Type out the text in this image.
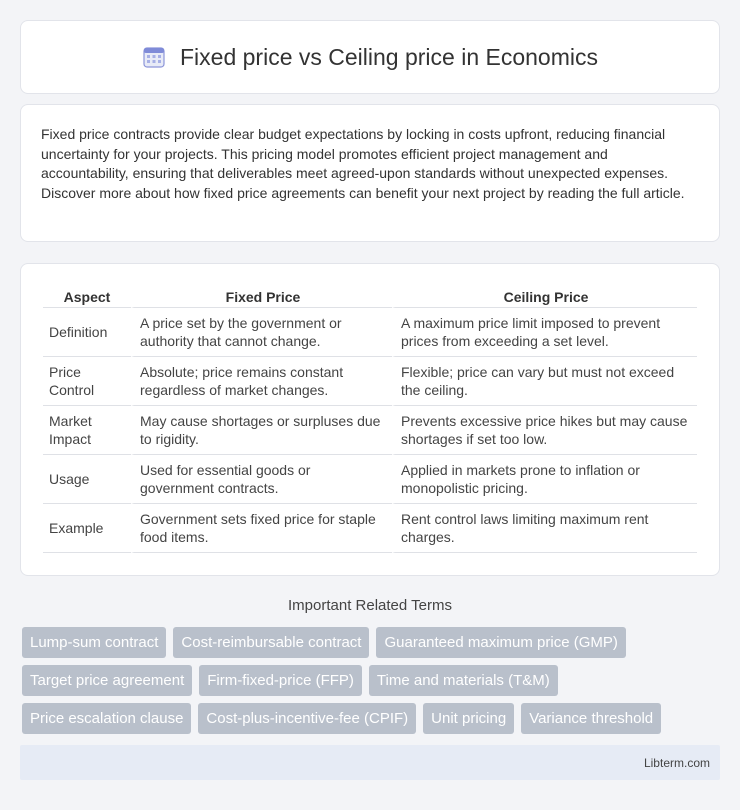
Fixed price vs Ceiling price in Economics

Fixed price contracts provide clear budget expectations by locking in costs upfront, reducing financial uncertainty for your projects. This pricing model promotes efficient project management and accountability, ensuring that deliverables meet agreed-upon standards without unexpected expenses. Discover more about how fixed price agreements can benefit your next project by reading the full article.

Aspect	Fixed Price	Ceiling Price
Definition	A price set by the government or authority that cannot change.	A maximum price limit imposed to prevent prices from exceeding a set level.
Price Control	Absolute; price remains constant regardless of market changes.	Flexible; price can vary but must not exceed the ceiling.
Market Impact	May cause shortages or surpluses due to rigidity.	Prevents excessive price hikes but may cause shortages if set too low.
Usage	Used for essential goods or government contracts.	Applied in markets prone to inflation or monopolistic pricing.
Example	Government sets fixed price for staple food items.	Rent control laws limiting maximum rent charges.
Important Related Terms
Lump-sum contract	Cost-reimbursable contract	Guaranteed maximum price (GMP)
Target price agreement	Firm-fixed-price (FFP)	Time and materials (T&M)
Price escalation clause	Cost-plus-incentive-fee (CPIF)	Unit pricing	Variance threshold
Libterm.com
